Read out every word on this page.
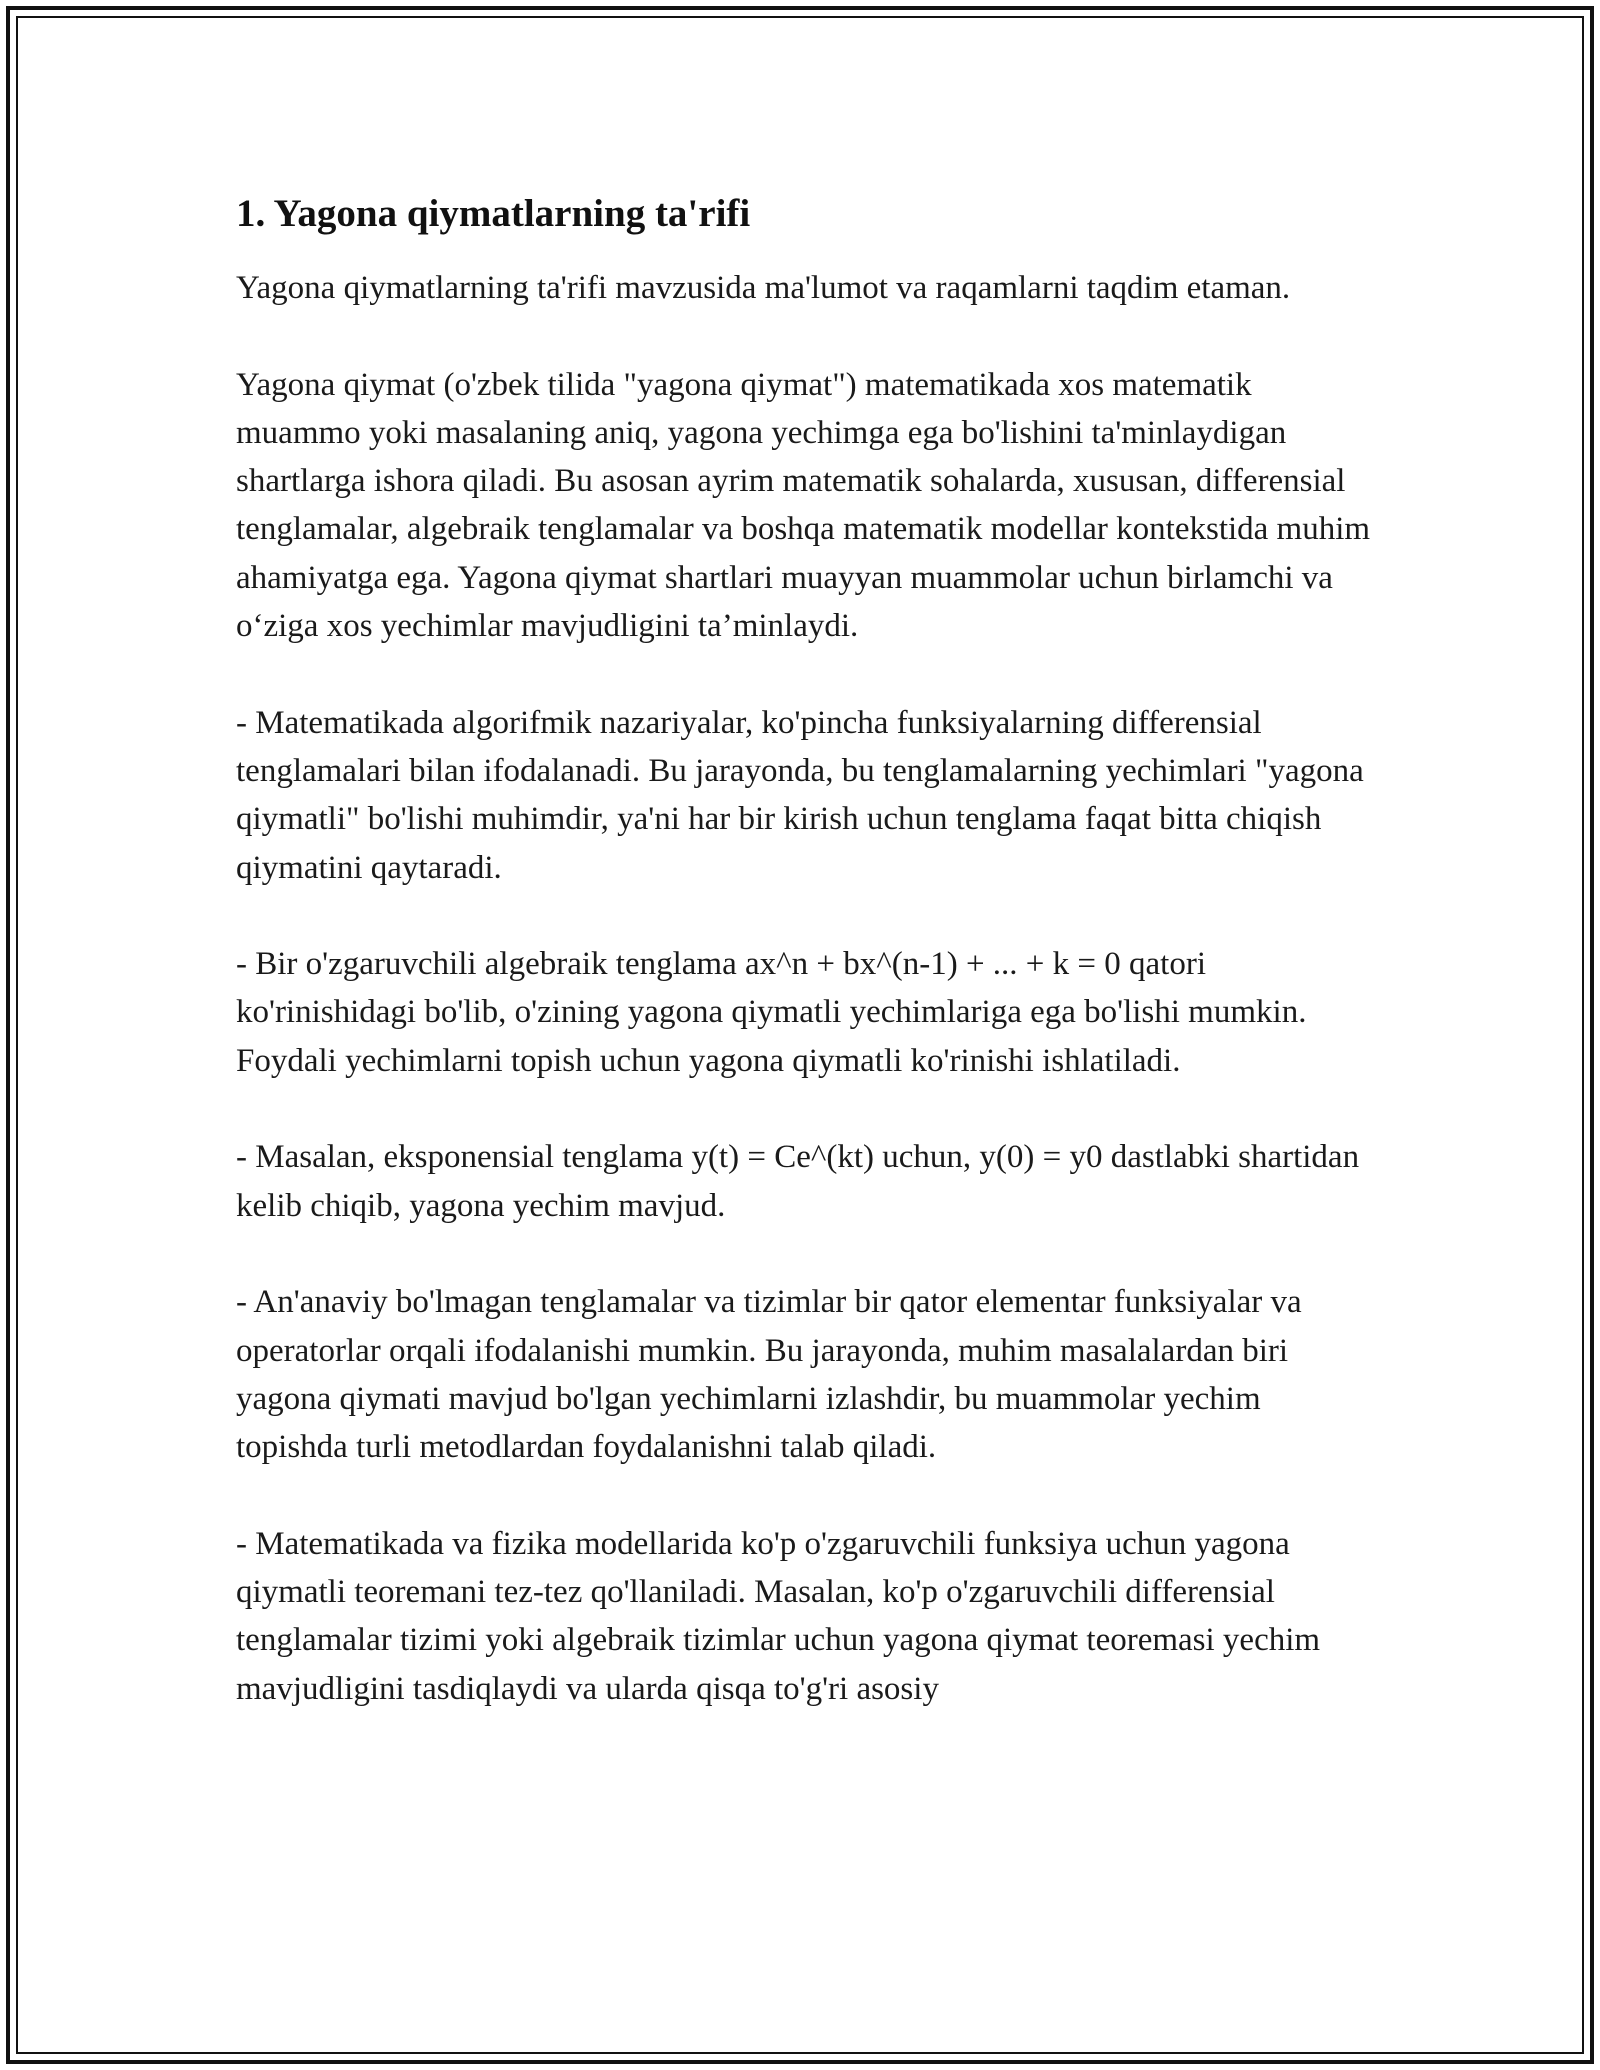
1. Yagona qiymatlarning ta'rifi

Yagona qiymatlarning ta'rifi mavzusida ma'lumot va raqamlarni taqdim etaman.

Yagona qiymat (o'zbek tilida "yagona qiymat") matematikada xos matematik muammo yoki masalaning aniq, yagona yechimga ega bo'lishini ta'minlaydigan shartlarga ishora qiladi. Bu asosan ayrim matematik sohalarda, xususan, differensial tenglamalar, algebraik tenglamalar va boshqa matematik modellar kontekstida muhim ahamiyatga ega. Yagona qiymat shartlari muayyan muammolar uchun birlamchi va o‘ziga xos yechimlar mavjudligini ta’minlaydi.

- Matematikada algorifmik nazariyalar, ko'pincha funksiyalarning differensial tenglamalari bilan ifodalanadi. Bu jarayonda, bu tenglamalarning yechimlari "yagona qiymatli" bo'lishi muhimdir, ya'ni har bir kirish uchun tenglama faqat bitta chiqish qiymatini qaytaradi.

- Bir o'zgaruvchili algebraik tenglama ax^n + bx^(n-1) + ... + k = 0 qatori ko'rinishidagi bo'lib, o'zining yagona qiymatli yechimlariga ega bo'lishi mumkin. Foydali yechimlarni topish uchun yagona qiymatli ko'rinishi ishlatiladi.

- Masalan, eksponensial tenglama y(t) = Ce^(kt) uchun, y(0) = y0 dastlabki shartidan kelib chiqib, yagona yechim mavjud.

- An'anaviy bo'lmagan tenglamalar va tizimlar bir qator elementar funksiyalar va operatorlar orqali ifodalanishi mumkin. Bu jarayonda, muhim masalalardan biri yagona qiymati mavjud bo'lgan yechimlarni izlashdir, bu muammolar yechim topishda turli metodlardan foydalanishni talab qiladi.

- Matematikada va fizika modellarida ko'p o'zgaruvchili funksiya uchun yagona qiymatli teoremani tez-tez qo'llaniladi. Masalan, ko'p o'zgaruvchili differensial tenglamalar tizimi yoki algebraik tizimlar uchun yagona qiymat teoremasi yechim mavjudligini tasdiqlaydi va ularda qisqa to'g'ri asosiy
